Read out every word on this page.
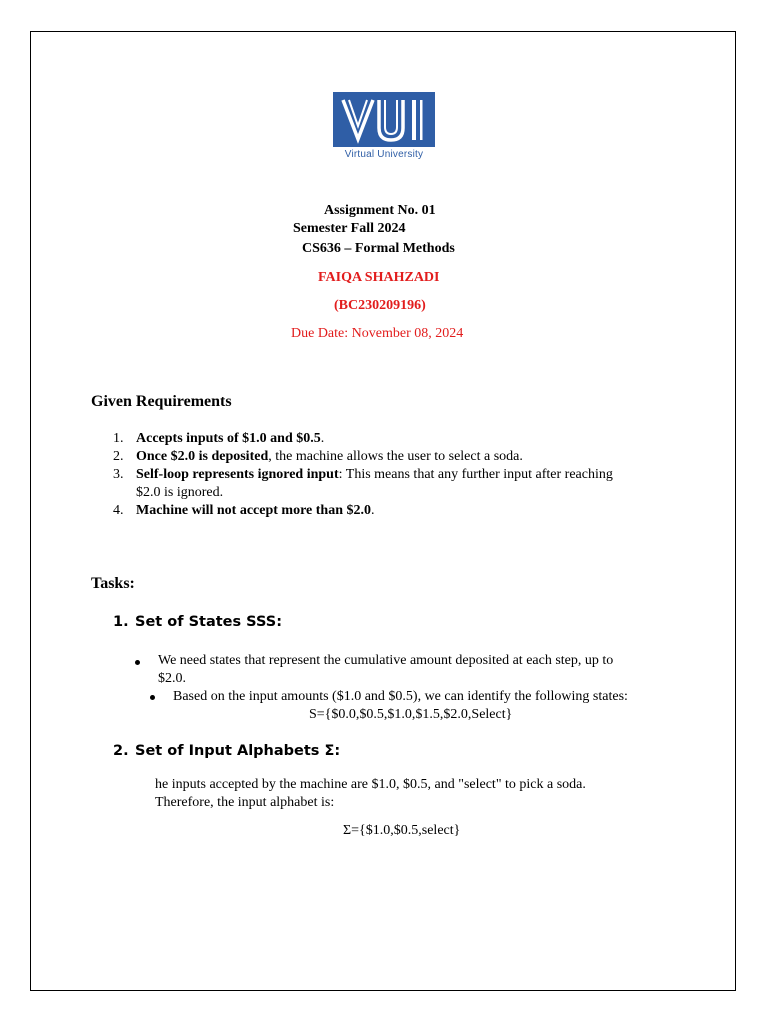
Virtual University
Assignment No. 01
Semester Fall 2024
CS636 – Formal Methods
FAIQA SHAHZADI
(BC230209196)
Due Date: November 08, 2024
Given Requirements
1. Accepts inputs of $1.0 and $0.5.
2. Once $2.0 is deposited, the machine allows the user to select a soda.
3. Self-loop represents ignored input: This means that any further input after reaching
$2.0 is ignored.
4. Machine will not accept more than $2.0.
Tasks:
1. Set of States SSS:
We need states that represent the cumulative amount deposited at each step, up to
$2.0.
Based on the input amounts ($1.0 and $0.5), we can identify the following states:
S={$0.0,$0.5,$1.0,$1.5,$2.0,Select}
2. Set of Input Alphabets Σ:
he inputs accepted by the machine are $1.0, $0.5, and "select" to pick a soda.
Therefore, the input alphabet is:
Σ={$1.0,$0.5,select}
